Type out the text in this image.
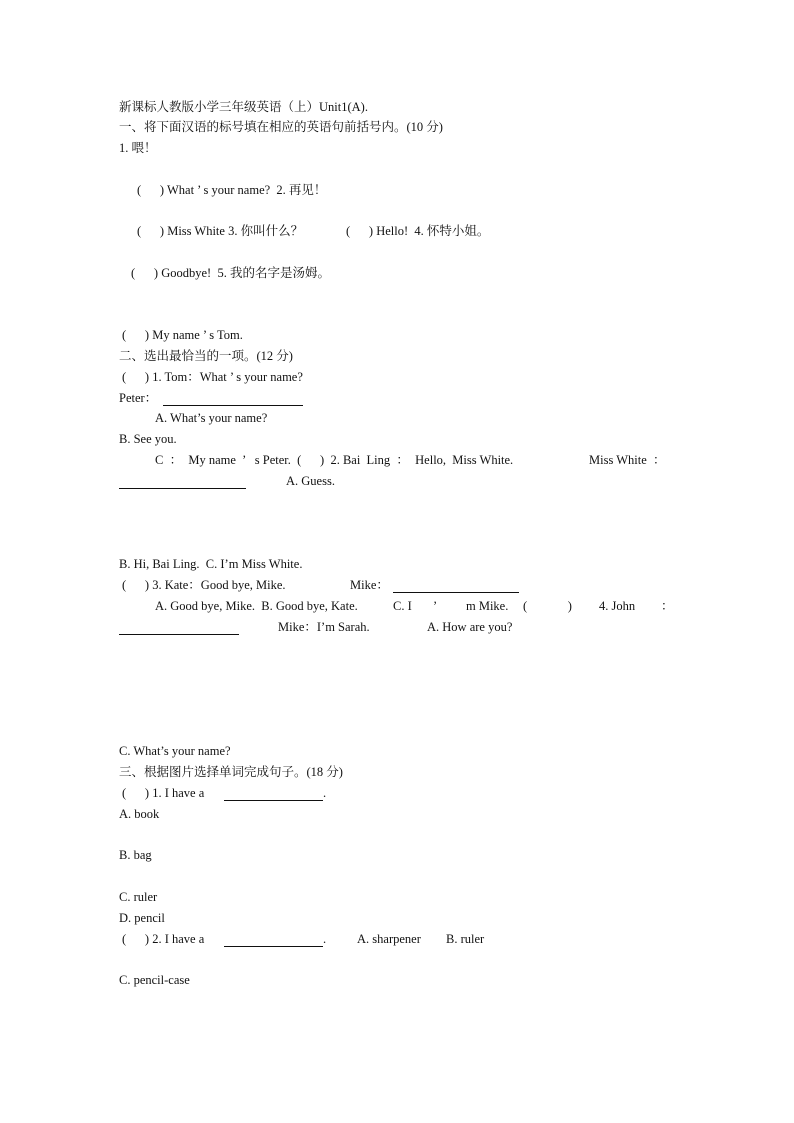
新课标人教版小学三年级英语（上）Unit1(A).
一、将下面汉语的标号填在相应的英语句前括号内。(10 分)
1. 喂！
(      ) What ’ s your name?  2. 再见！
(      ) Miss White 3. 你叫什么？	(      ) Hello!  4. 怀特小姐。
(      ) Goodbye!  5. 我的名字是汤姆。
(      ) My name ’ s Tom.
二、选出最恰当的一项。(12 分)
(      ) 1. Tom：What ’ s your name?
Peter：
A. What’s your name?
B. See you.
C  ：  My name  ’   s Peter.  (      )  2. Bai  Ling  ：  Hello,  Miss White.	Miss White  ：
A. Guess.
B. Hi, Bai Ling.  C. I’m Miss White.
(      ) 3. Kate：Good bye, Mike.	Mike：
A. Good bye, Mike.  B. Good bye, Kate.	C. I ’ m Mike. (             ) 4. John ：
Mike：I’m Sarah.	A. How are you?
C. What’s your name?
三、根据图片选择单词完成句子。(18 分)
(      ) 1. I have a	.
A. book
B. bag
C. ruler
D. pencil
(      ) 2. I have a	. A. sharpener B. ruler
C. pencil-case
